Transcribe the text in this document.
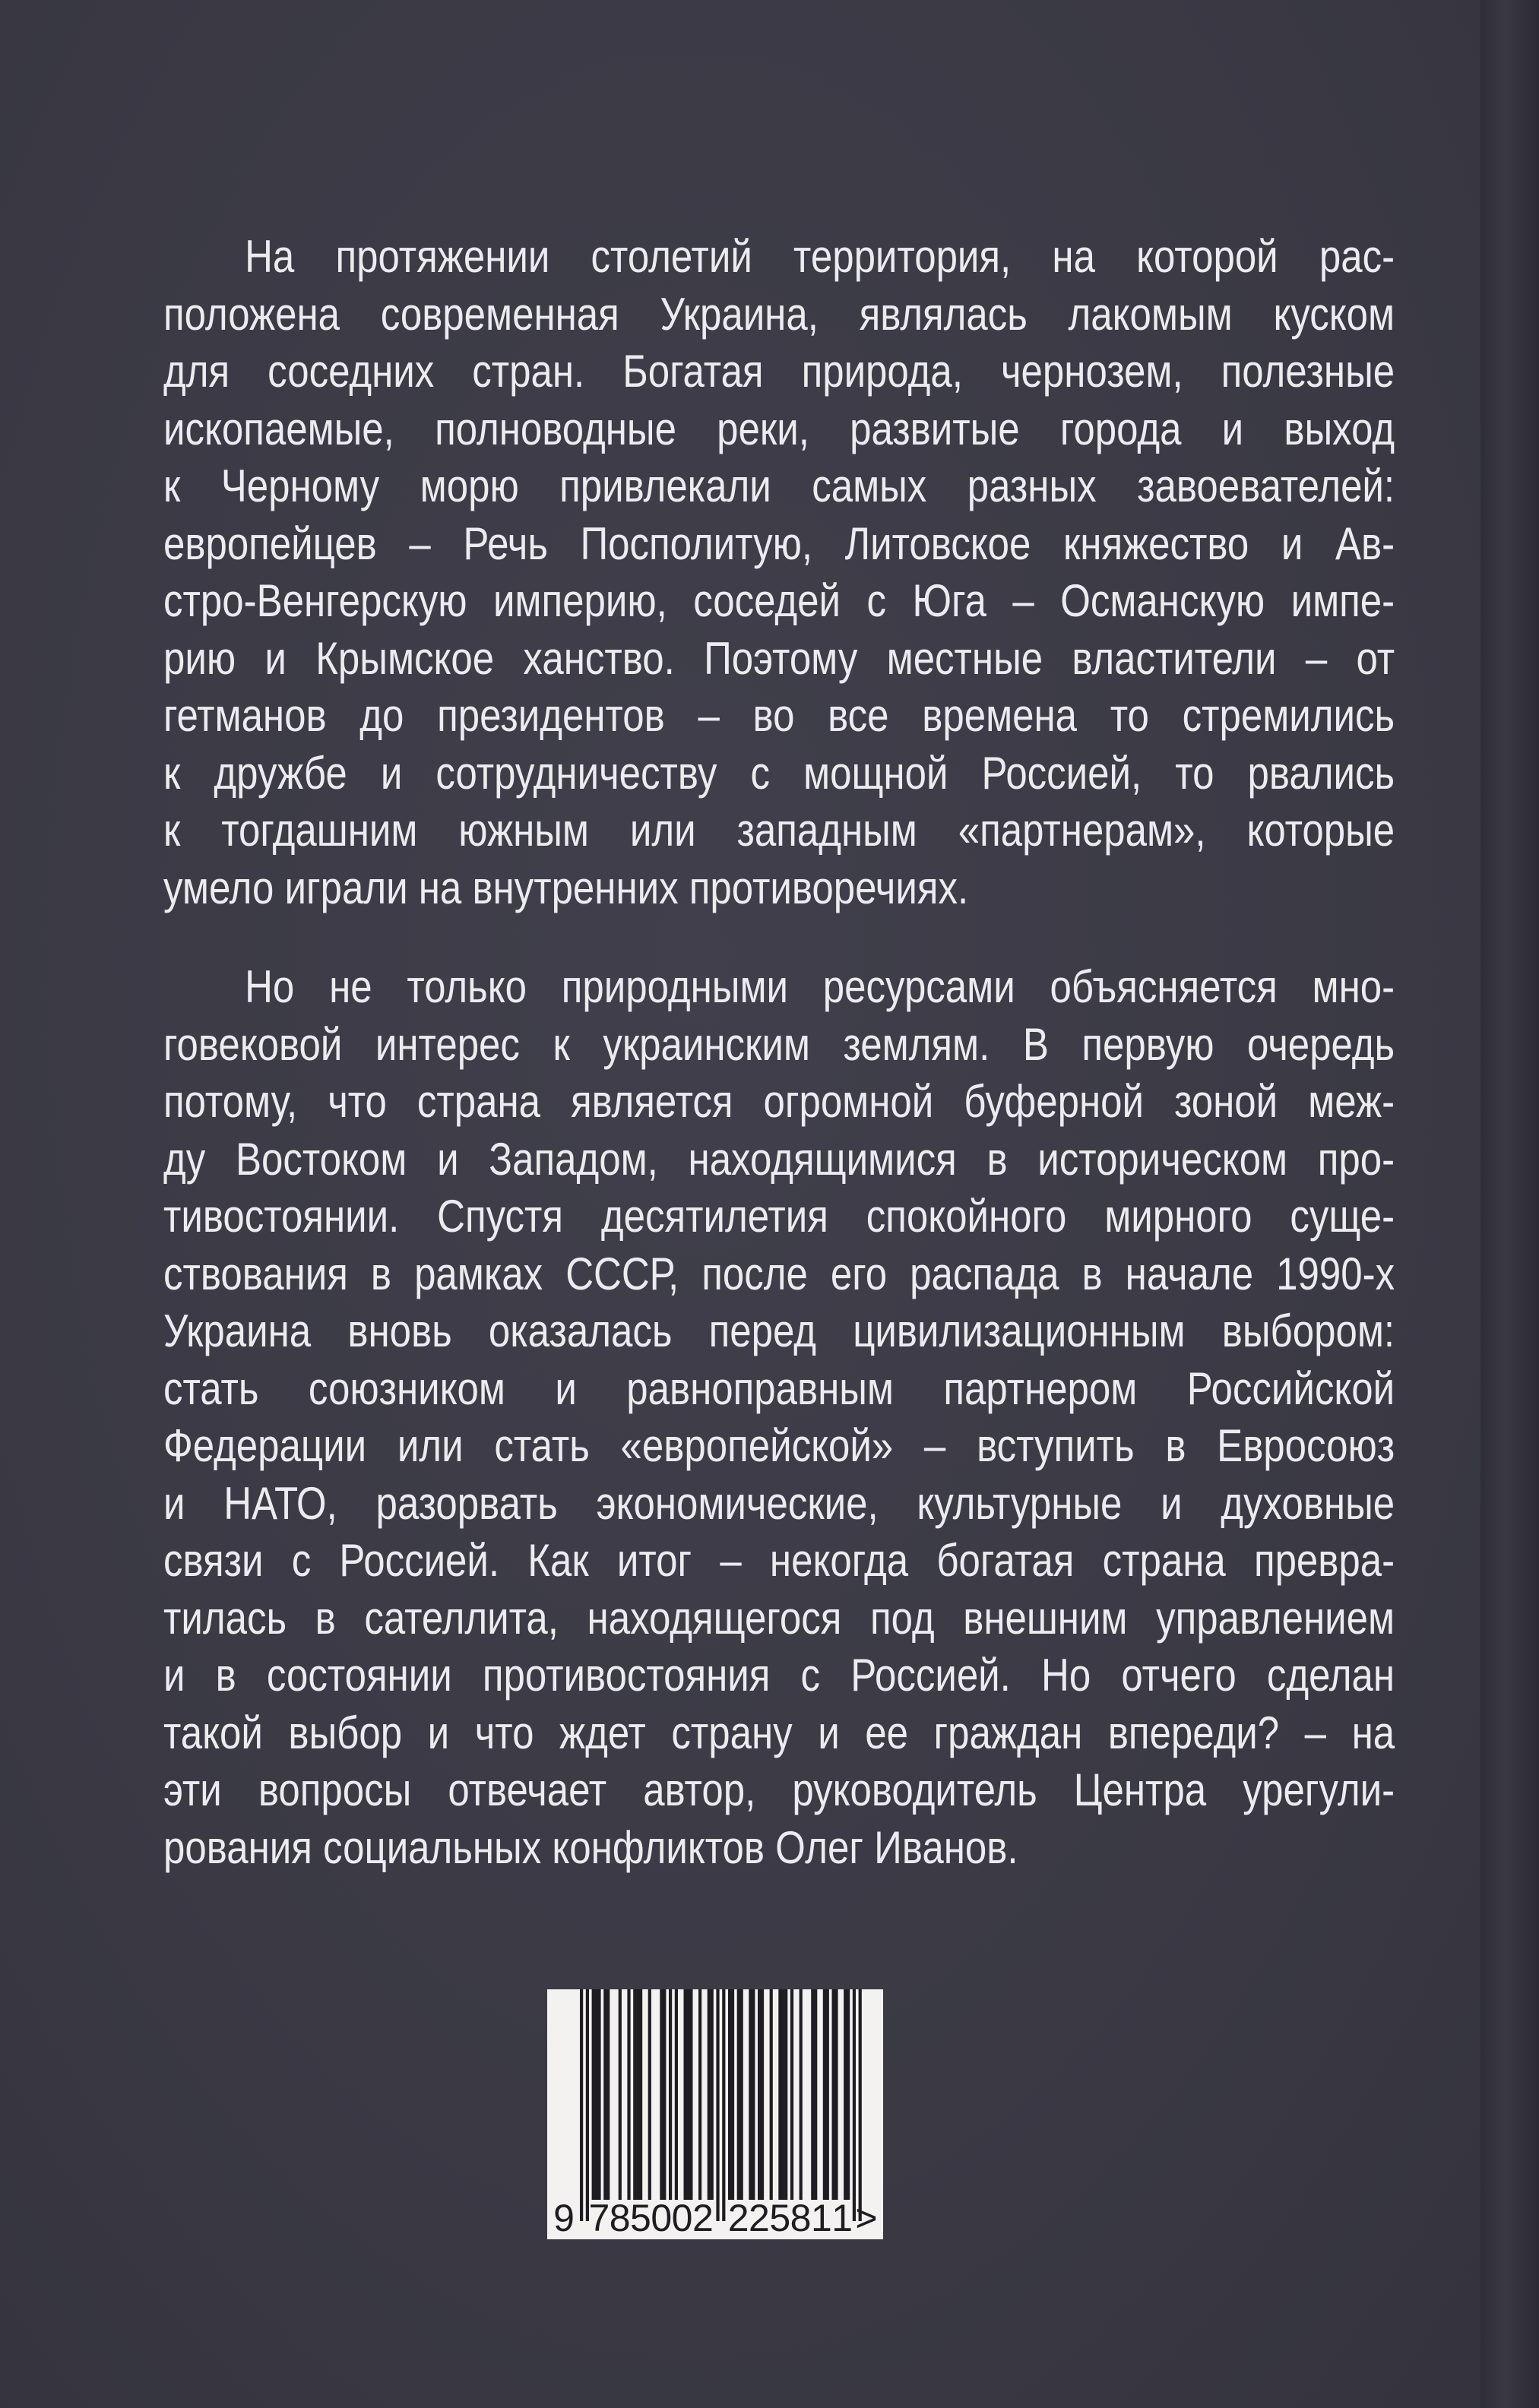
На протяжении столетий территория, на которой рас-
положена современная Украина, являлась лакомым куском
для соседних стран. Богатая природа, чернозем, полезные
ископаемые, полноводные реки, развитые города и выход
к Черному морю привлекали самых разных завоевателей:
европейцев – Речь Посполитую, Литовское княжество и Ав-
стро-Венгерскую империю, соседей с Юга – Османскую импе-
рию и Крымское ханство. Поэтому местные властители – от
гетманов до президентов – во все времена то стремились
к дружбе и сотрудничеству с мощной Россией, то рвались
к тогдашним южным или западным «партнерам», которые
умело играли на внутренних противоречиях.
Но не только природными ресурсами объясняется мно-
говековой интерес к украинским землям. В первую очередь
потому, что страна является огромной буферной зоной меж-
ду Востоком и Западом, находящимися в историческом про-
тивостоянии. Спустя десятилетия спокойного мирного суще-
ствования в рамках СССР, после его распада в начале 1990-х
Украина вновь оказалась перед цивилизационным выбором:
стать союзником и равноправным партнером Российской
Федерации или стать «европейской» – вступить в Евросоюз
и НАТО, разорвать экономические, культурные и духовные
связи с Россией. Как итог – некогда богатая страна превра-
тилась в сателлита, находящегося под внешним управлением
и в состоянии противостояния с Россией. Но отчего сделан
такой выбор и что ждет страну и ее граждан впереди? – на
эти вопросы отвечает автор, руководитель Центра урегули-
рования социальных конфликтов Олег Иванов.
9 7 8 5 0 0 2 2 2 5 8 1 1 >
